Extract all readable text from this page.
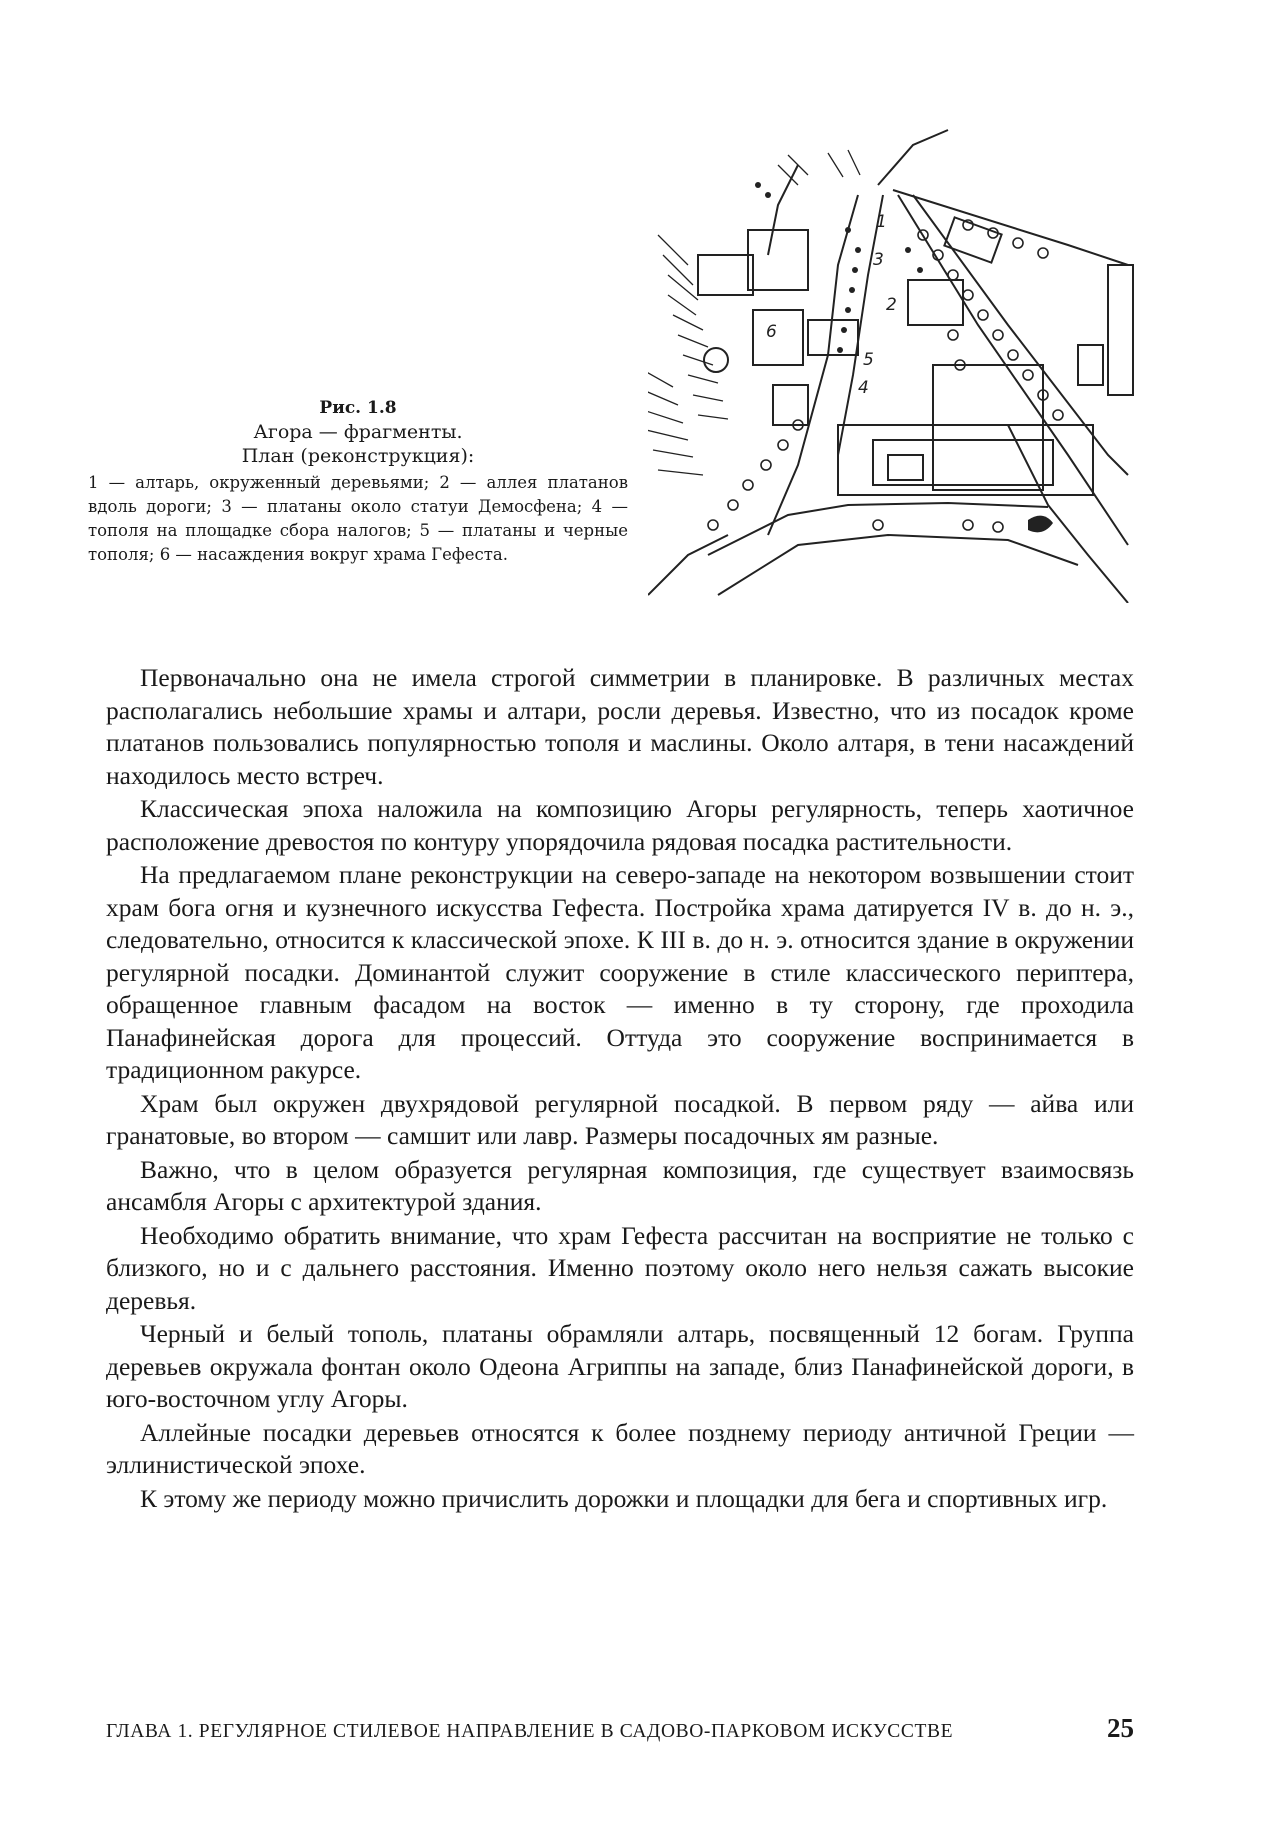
Рис. 1.8
Агора — фрагменты.
План (реконструкция):
1 — алтарь, окруженный деревьями; 2 — аллея платанов вдоль дороги; 3 — платаны около статуи Демосфена; 4 — тополя на площадке сбора налогов; 5 — платаны и черные тополя; 6 — насаждения вокруг храма Гефеста.
1
2
3
4
5
6

Первоначально она не имела строгой симметрии в планировке. В различных местах располагались небольшие храмы и алтари, росли деревья. Известно, что из посадок кроме платанов пользовались популярностью тополя и маслины. Около алтаря, в тени насаждений находилось место встреч.

Классическая эпоха наложила на композицию Агоры регулярность, теперь хаотичное расположение древостоя по контуру упорядочила рядовая посадка растительности.

На предлагаемом плане реконструкции на северо-западе на некотором возвышении стоит храм бога огня и кузнечного искусства Гефеста. Постройка храма датируется IV в. до н. э., следовательно, относится к классической эпохе. К III в. до н. э. относится здание в окружении регулярной посадки. Доминантой служит сооружение в стиле классического периптера, обращенное главным фасадом на восток — именно в ту сторону, где проходила Панафинейская дорога для процессий. Оттуда это сооружение воспринимается в традиционном ракурсе.

Храм был окружен двухрядовой регулярной посадкой. В первом ряду — айва или гранатовые, во втором — самшит или лавр. Размеры посадочных ям разные.

Важно, что в целом образуется регулярная композиция, где существует взаимосвязь ансамбля Агоры с архитектурой здания.

Необходимо обратить внимание, что храм Гефеста рассчитан на восприятие не только с близкого, но и с дальнего расстояния. Именно поэтому около него нельзя сажать высокие деревья.

Черный и белый тополь, платаны обрамляли алтарь, посвященный 12 богам. Группа деревьев окружала фонтан около Одеона Агриппы на западе, близ Панафинейской дороги, в юго-восточном углу Агоры.

Аллейные посадки деревьев относятся к более позднему периоду античной Греции — эллинистической эпохе.

К этому же периоду можно причислить дорожки и площадки для бега и спортивных игр.

ГЛАВА 1. РЕГУЛЯРНОЕ СТИЛЕВОЕ НАПРАВЛЕНИЕ В САДОВО-ПАРКОВОМ ИСКУССТВЕ	25
